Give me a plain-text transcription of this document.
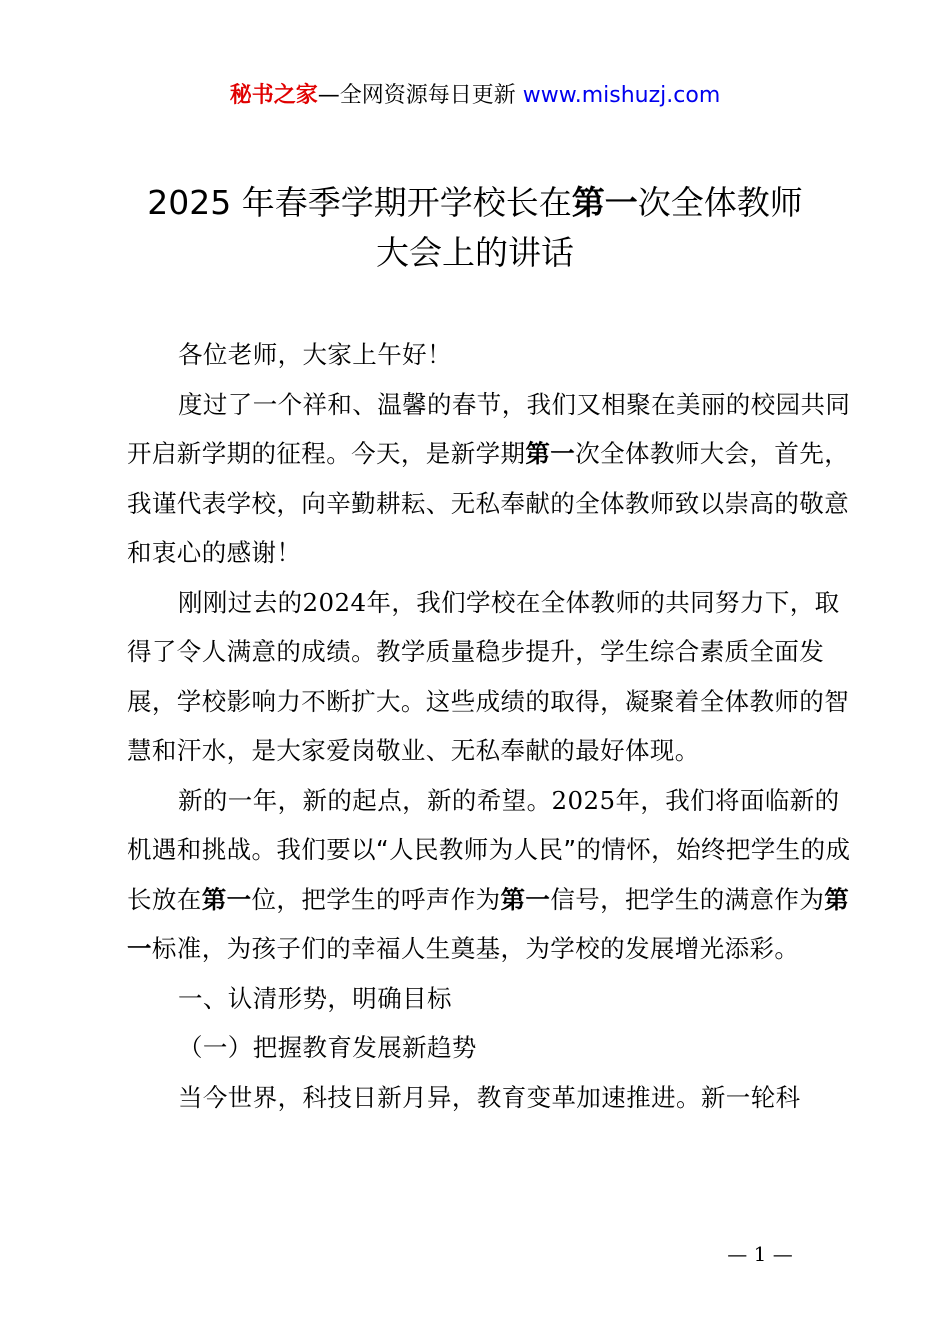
秘书之家—全网资源每日更新 www.mishuzj.com
2025 年春季学期开学校长在第一次全体教师
大会上的讲话

各位老师，大家上午好！

度过了一个祥和、温馨的春节，我们又相聚在美丽的校园共同开启新学期的征程。今天，是新学期第一次全体教师大会，首先，我谨代表学校，向辛勤耕耘、无私奉献的全体教师致以崇高的敬意和衷心的感谢！

刚刚过去的2024年，我们学校在全体教师的共同努力下，取得了令人满意的成绩。教学质量稳步提升，学生综合素质全面发展，学校影响力不断扩大。这些成绩的取得，凝聚着全体教师的智慧和汗水，是大家爱岗敬业、无私奉献的最好体现。

新的一年，新的起点，新的希望。2025年，我们将面临新的机遇和挑战。我们要以“人民教师为人民”的情怀，始终把学生的成长放在第一位，把学生的呼声作为第一信号，把学生的满意作为第一标准，为孩子们的幸福人生奠基，为学校的发展增光添彩。

一、认清形势，明确目标

（一）把握教育发展新趋势

当今世界，科技日新月异，教育变革加速推进。新一轮科

— 1 —
